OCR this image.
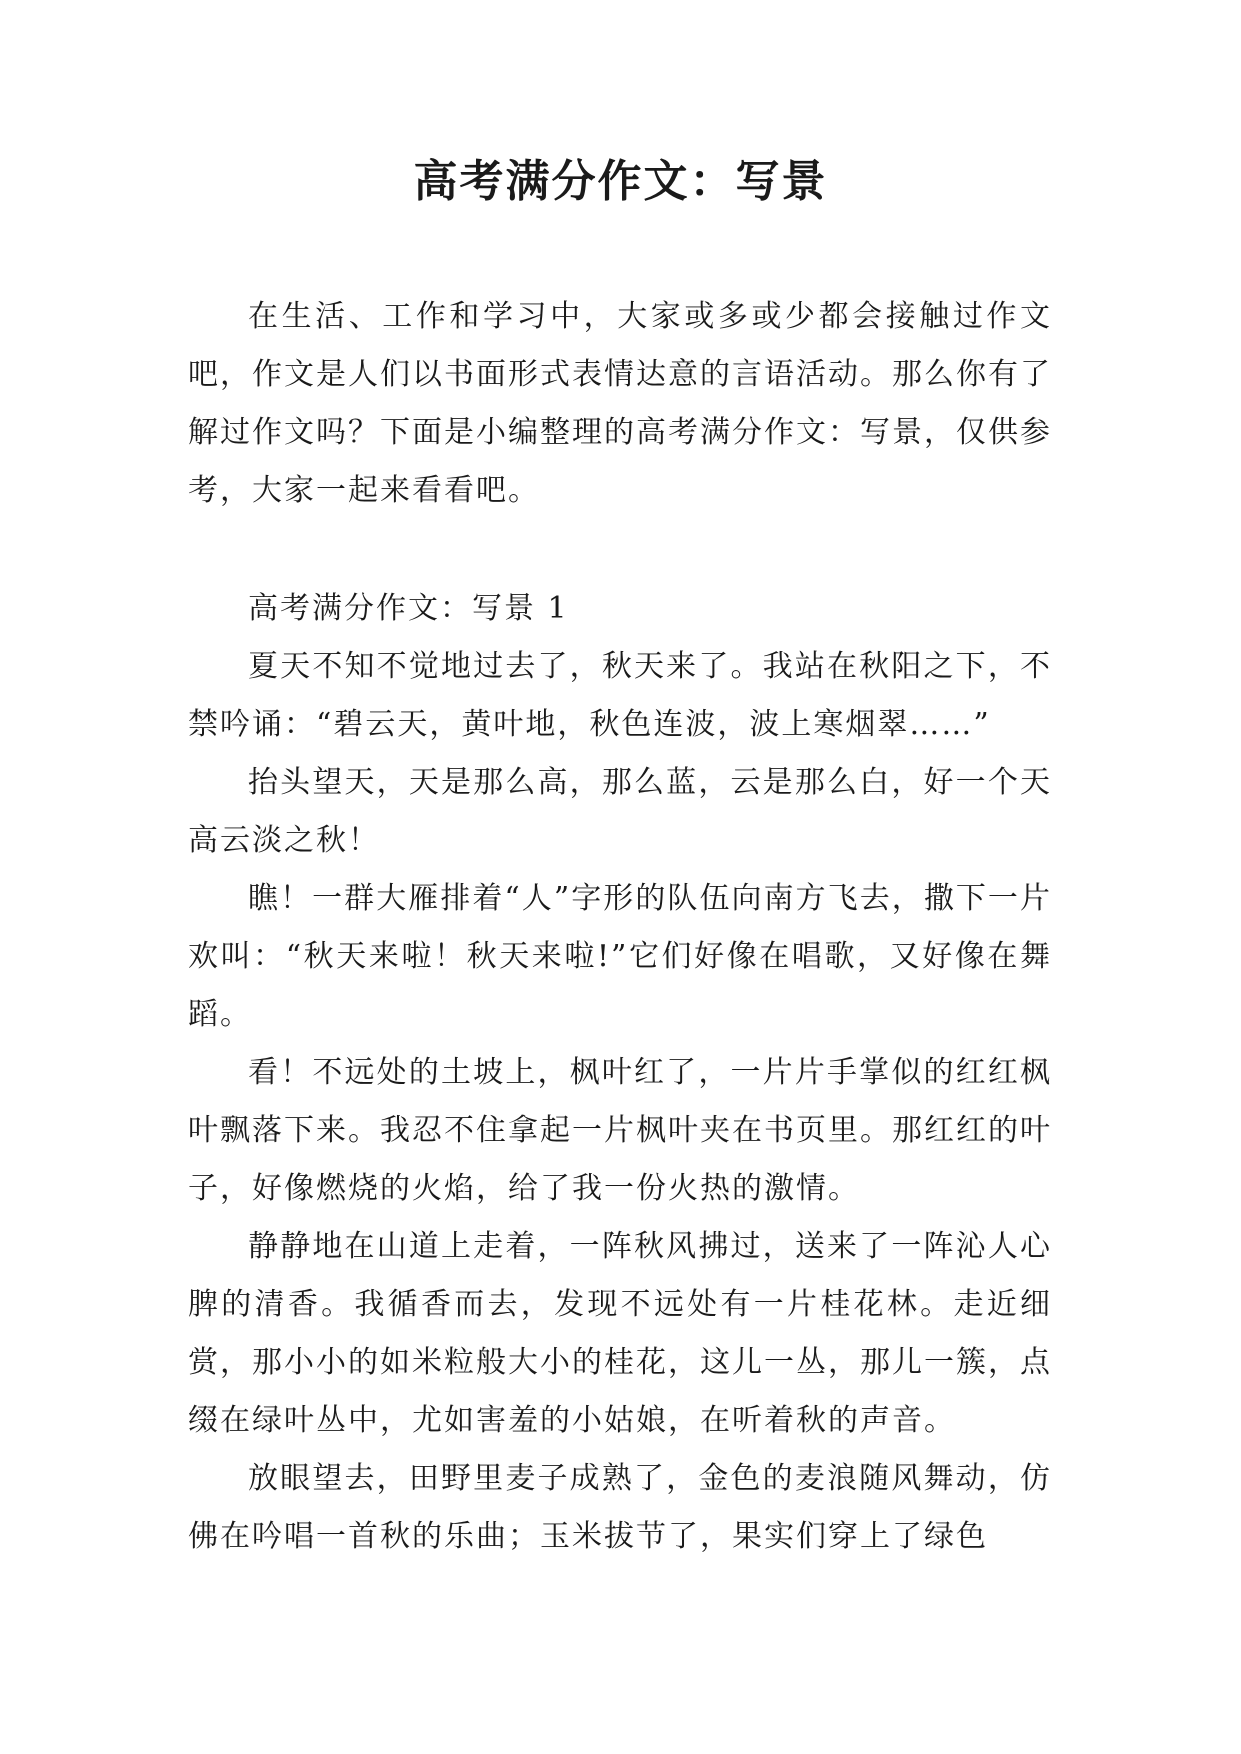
高考满分作文：写景

在生活、工作和学习中，大家或多或少都会接触过作文吧，作文是人们以书面形式表情达意的言语活动。那么你有了解过作文吗？下面是小编整理的高考满分作文：写景，仅供参考，大家一起来看看吧。

高考满分作文：写景 1

夏天不知不觉地过去了，秋天来了。我站在秋阳之下，不禁吟诵：“碧云天，黄叶地，秋色连波，波上寒烟翠……”

抬头望天，天是那么高，那么蓝，云是那么白，好一个天高云淡之秋！

瞧！一群大雁排着“人”字形的队伍向南方飞去，撒下一片欢叫：“秋天来啦！秋天来啦!”它们好像在唱歌，又好像在舞蹈。

看！不远处的土坡上，枫叶红了，一片片手掌似的红红枫叶飘落下来。我忍不住拿起一片枫叶夹在书页里。那红红的叶子，好像燃烧的火焰，给了我一份火热的激情。

静静地在山道上走着，一阵秋风拂过，送来了一阵沁人心脾的清香。我循香而去，发现不远处有一片桂花林。走近细赏，那小小的如米粒般大小的桂花，这儿一丛，那儿一簇，点缀在绿叶丛中，尤如害羞的小姑娘，在听着秋的声音。

放眼望去，田野里麦子成熟了，金色的麦浪随风舞动，仿佛在吟唱一首秋的乐曲；玉米拔节了，果实们穿上了绿色
